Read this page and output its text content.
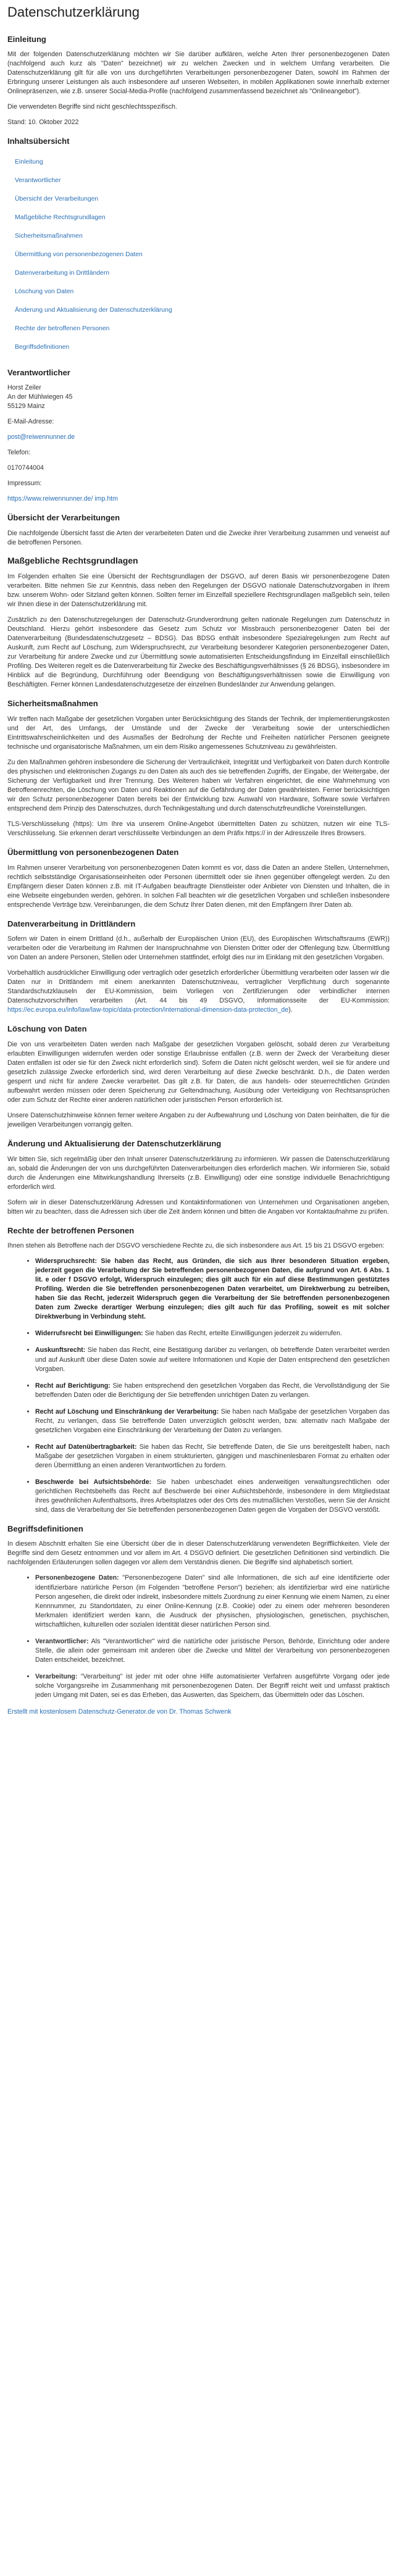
Datenschutzerklärung
Einleitung

Mit der folgenden Datenschutzerklärung möchten wir Sie darüber aufklären, welche Arten Ihrer personenbezogenen Daten (nachfolgend auch kurz als "Daten" bezeichnet) wir zu welchen Zwecken und in welchem Umfang verarbeiten. Die Datenschutzerklärung gilt für alle von uns durchgeführten Verarbeitungen personenbezogener Daten, sowohl im Rahmen der Erbringung unserer Leistungen als auch insbesondere auf unseren Webseiten, in mobilen Applikationen sowie innerhalb externer Onlinepräsenzen, wie z.B. unserer Social-Media-Profile (nachfolgend zusammenfassend bezeichnet als "Onlineangebot").

Die verwendeten Begriffe sind nicht geschlechtsspezifisch.

Stand: 10. Oktober 2022

Inhaltsübersicht
Einleitung
Verantwortlicher
Übersicht der Verarbeitungen
Maßgebliche Rechtsgrundlagen
Sicherheitsmaßnahmen
Übermittlung von personenbezogenen Daten
Datenverarbeitung in Drittländern
Löschung von Daten
Änderung und Aktualisierung der Datenschutzerklärung
Rechte der betroffenen Personen
Begriffsdefinitionen
Verantwortlicher

Horst Zeiler

An der Mühlwiegen 45

55129 Mainz

E-Mail-Adresse:

post@reiwennunner.de

Telefon:

0170744004

Impressum:

https://www.reiwennunner.de/ imp.htm

Übersicht der Verarbeitungen

Die nachfolgende Übersicht fasst die Arten der verarbeiteten Daten und die Zwecke ihrer Verarbeitung zusammen und verweist auf die betroffenen Personen.

Maßgebliche Rechtsgrundlagen

Im Folgenden erhalten Sie eine Übersicht der Rechtsgrundlagen der DSGVO, auf deren Basis wir personenbezogene Daten verarbeiten. Bitte nehmen Sie zur Kenntnis, dass neben den Regelungen der DSGVO nationale Datenschutzvorgaben in Ihrem bzw. unserem Wohn- oder Sitzland gelten können. Sollten ferner im Einzelfall speziellere Rechtsgrundlagen maßgeblich sein, teilen wir Ihnen diese in der Datenschutzerklärung mit.

Zusätzlich zu den Datenschutzregelungen der Datenschutz-Grundverordnung gelten nationale Regelungen zum Datenschutz in Deutschland. Hierzu gehört insbesondere das Gesetz zum Schutz vor Missbrauch personenbezogener Daten bei der Datenverarbeitung (Bundesdatenschutzgesetz – BDSG). Das BDSG enthält insbesondere Spezialregelungen zum Recht auf Auskunft, zum Recht auf Löschung, zum Widerspruchsrecht, zur Verarbeitung besonderer Kategorien personenbezogener Daten, zur Verarbeitung für andere Zwecke und zur Übermittlung sowie automatisierten Entscheidungsfindung im Einzelfall einschließlich Profiling. Des Weiteren regelt es die Datenverarbeitung für Zwecke des Beschäftigungsverhältnisses (§ 26 BDSG), insbesondere im Hinblick auf die Begründung, Durchführung oder Beendigung von Beschäftigungsverhältnissen sowie die Einwilligung von Beschäftigten. Ferner können Landesdatenschutzgesetze der einzelnen Bundesländer zur Anwendung gelangen.

Sicherheitsmaßnahmen

Wir treffen nach Maßgabe der gesetzlichen Vorgaben unter Berücksichtigung des Stands der Technik, der Implementierungskosten und der Art, des Umfangs, der Umstände und der Zwecke der Verarbeitung sowie der unterschiedlichen Eintrittswahrscheinlichkeiten und des Ausmaßes der Bedrohung der Rechte und Freiheiten natürlicher Personen geeignete technische und organisatorische Maßnahmen, um ein dem Risiko angemessenes Schutzniveau zu gewährleisten.

Zu den Maßnahmen gehören insbesondere die Sicherung der Vertraulichkeit, Integrität und Verfügbarkeit von Daten durch Kontrolle des physischen und elektronischen Zugangs zu den Daten als auch des sie betreffenden Zugriffs, der Eingabe, der Weitergabe, der Sicherung der Verfügbarkeit und ihrer Trennung. Des Weiteren haben wir Verfahren eingerichtet, die eine Wahrnehmung von Betroffenenrechten, die Löschung von Daten und Reaktionen auf die Gefährdung der Daten gewährleisten. Ferner berücksichtigen wir den Schutz personenbezogener Daten bereits bei der Entwicklung bzw. Auswahl von Hardware, Software sowie Verfahren entsprechend dem Prinzip des Datenschutzes, durch Technikgestaltung und durch datenschutzfreundliche Voreinstellungen.

TLS-Verschlüsselung (https): Um Ihre via unserem Online-Angebot übermittelten Daten zu schützen, nutzen wir eine TLS-Verschlüsselung. Sie erkennen derart verschlüsselte Verbindungen an dem Präfix https:// in der Adresszeile Ihres Browsers.

Übermittlung von personenbezogenen Daten

Im Rahmen unserer Verarbeitung von personenbezogenen Daten kommt es vor, dass die Daten an andere Stellen, Unternehmen, rechtlich selbstständige Organisationseinheiten oder Personen übermittelt oder sie ihnen gegenüber offengelegt werden. Zu den Empfängern dieser Daten können z.B. mit IT-Aufgaben beauftragte Dienstleister oder Anbieter von Diensten und Inhalten, die in eine Webseite eingebunden werden, gehören. In solchen Fall beachten wir die gesetzlichen Vorgaben und schließen insbesondere entsprechende Verträge bzw. Vereinbarungen, die dem Schutz Ihrer Daten dienen, mit den Empfängern Ihrer Daten ab.

Datenverarbeitung in Drittländern

Sofern wir Daten in einem Drittland (d.h., außerhalb der Europäischen Union (EU), des Europäischen Wirtschaftsraums (EWR)) verarbeiten oder die Verarbeitung im Rahmen der Inanspruchnahme von Diensten Dritter oder der Offenlegung bzw. Übermittlung von Daten an andere Personen, Stellen oder Unternehmen stattfindet, erfolgt dies nur im Einklang mit den gesetzlichen Vorgaben.

Vorbehaltlich ausdrücklicher Einwilligung oder vertraglich oder gesetzlich erforderlicher Übermittlung verarbeiten oder lassen wir die Daten nur in Drittländern mit einem anerkannten Datenschutzniveau, vertraglicher Verpflichtung durch sogenannte Standardschutzklauseln der EU-Kommission, beim Vorliegen von Zertifizierungen oder verbindlicher internen Datenschutzvorschriften verarbeiten (Art. 44 bis 49 DSGVO, Informationsseite der EU-Kommission: https://ec.europa.eu/info/law/law-topic/data-protection/international-dimension-data-protection_de).

Löschung von Daten

Die von uns verarbeiteten Daten werden nach Maßgabe der gesetzlichen Vorgaben gelöscht, sobald deren zur Verarbeitung erlaubten Einwilligungen widerrufen werden oder sonstige Erlaubnisse entfallen (z.B. wenn der Zweck der Verarbeitung dieser Daten entfallen ist oder sie für den Zweck nicht erforderlich sind). Sofern die Daten nicht gelöscht werden, weil sie für andere und gesetzlich zulässige Zwecke erforderlich sind, wird deren Verarbeitung auf diese Zwecke beschränkt. D.h., die Daten werden gesperrt und nicht für andere Zwecke verarbeitet. Das gilt z.B. für Daten, die aus handels- oder steuerrechtlichen Gründen aufbewahrt werden müssen oder deren Speicherung zur Geltendmachung, Ausübung oder Verteidigung von Rechtsansprüchen oder zum Schutz der Rechte einer anderen natürlichen oder juristischen Person erforderlich ist.

Unsere Datenschutzhinweise können ferner weitere Angaben zu der Aufbewahrung und Löschung von Daten beinhalten, die für die jeweiligen Verarbeitungen vorrangig gelten.

Änderung und Aktualisierung der Datenschutzerklärung

Wir bitten Sie, sich regelmäßig über den Inhalt unserer Datenschutzerklärung zu informieren. Wir passen die Datenschutzerklärung an, sobald die Änderungen der von uns durchgeführten Datenverarbeitungen dies erforderlich machen. Wir informieren Sie, sobald durch die Änderungen eine Mitwirkungshandlung Ihrerseits (z.B. Einwilligung) oder eine sonstige individuelle Benachrichtigung erforderlich wird.

Sofern wir in dieser Datenschutzerklärung Adressen und Kontaktinformationen von Unternehmen und Organisationen angeben, bitten wir zu beachten, dass die Adressen sich über die Zeit ändern können und bitten die Angaben vor Kontaktaufnahme zu prüfen.

Rechte der betroffenen Personen

Ihnen stehen als Betroffene nach der DSGVO verschiedene Rechte zu, die sich insbesondere aus Art. 15 bis 21 DSGVO ergeben:

• Widerspruchsrecht: Sie haben das Recht, aus Gründen, die sich aus Ihrer besonderen Situation ergeben, jederzeit gegen die Verarbeitung der Sie betreffenden personenbezogenen Daten, die aufgrund von Art. 6 Abs. 1 lit. e oder f DSGVO erfolgt, Widerspruch einzulegen; dies gilt auch für ein auf diese Bestimmungen gestütztes Profiling. Werden die Sie betreffenden personenbezogenen Daten verarbeitet, um Direktwerbung zu betreiben, haben Sie das Recht, jederzeit Widerspruch gegen die Verarbeitung der Sie betreffenden personenbezogenen Daten zum Zwecke derartiger Werbung einzulegen; dies gilt auch für das Profiling, soweit es mit solcher Direktwerbung in Verbindung steht.
• Widerrufsrecht bei Einwilligungen: Sie haben das Recht, erteilte Einwilligungen jederzeit zu widerrufen.
• Auskunftsrecht: Sie haben das Recht, eine Bestätigung darüber zu verlangen, ob betreffende Daten verarbeitet werden und auf Auskunft über diese Daten sowie auf weitere Informationen und Kopie der Daten entsprechend den gesetzlichen Vorgaben.
• Recht auf Berichtigung: Sie haben entsprechend den gesetzlichen Vorgaben das Recht, die Vervollständigung der Sie betreffenden Daten oder die Berichtigung der Sie betreffenden unrichtigen Daten zu verlangen.
• Recht auf Löschung und Einschränkung der Verarbeitung: Sie haben nach Maßgabe der gesetzlichen Vorgaben das Recht, zu verlangen, dass Sie betreffende Daten unverzüglich gelöscht werden, bzw. alternativ nach Maßgabe der gesetzlichen Vorgaben eine Einschränkung der Verarbeitung der Daten zu verlangen.
• Recht auf Datenübertragbarkeit: Sie haben das Recht, Sie betreffende Daten, die Sie uns bereitgestellt haben, nach Maßgabe der gesetzlichen Vorgaben in einem strukturierten, gängigen und maschinenlesbaren Format zu erhalten oder deren Übermittlung an einen anderen Verantwortlichen zu fordern.
• Beschwerde bei Aufsichtsbehörde: Sie haben unbeschadet eines anderweitigen verwaltungsrechtlichen oder gerichtlichen Rechtsbehelfs das Recht auf Beschwerde bei einer Aufsichtsbehörde, insbesondere in dem Mitgliedstaat ihres gewöhnlichen Aufenthaltsorts, ihres Arbeitsplatzes oder des Orts des mutmaßlichen Verstoßes, wenn Sie der Ansicht sind, dass die Verarbeitung der Sie betreffenden personenbezogenen Daten gegen die Vorgaben der DSGVO verstößt.
Begriffsdefinitionen

In diesem Abschnitt erhalten Sie eine Übersicht über die in dieser Datenschutzerklärung verwendeten Begrifflichkeiten. Viele der Begriffe sind dem Gesetz entnommen und vor allem im Art. 4 DSGVO definiert. Die gesetzlichen Definitionen sind verbindlich. Die nachfolgenden Erläuterungen sollen dagegen vor allem dem Verständnis dienen. Die Begriffe sind alphabetisch sortiert.

• Personenbezogene Daten: "Personenbezogene Daten" sind alle Informationen, die sich auf eine identifizierte oder identifizierbare natürliche Person (im Folgenden "betroffene Person") beziehen; als identifizierbar wird eine natürliche Person angesehen, die direkt oder indirekt, insbesondere mittels Zuordnung zu einer Kennung wie einem Namen, zu einer Kennnummer, zu Standortdaten, zu einer Online-Kennung (z.B. Cookie) oder zu einem oder mehreren besonderen Merkmalen identifiziert werden kann, die Ausdruck der physischen, physiologischen, genetischen, psychischen, wirtschaftlichen, kulturellen oder sozialen Identität dieser natürlichen Person sind.
• Verantwortlicher: Als "Verantwortlicher" wird die natürliche oder juristische Person, Behörde, Einrichtung oder andere Stelle, die allein oder gemeinsam mit anderen über die Zwecke und Mittel der Verarbeitung von personenbezogenen Daten entscheidet, bezeichnet.
• Verarbeitung: "Verarbeitung" ist jeder mit oder ohne Hilfe automatisierter Verfahren ausgeführte Vorgang oder jede solche Vorgangsreihe im Zusammenhang mit personenbezogenen Daten. Der Begriff reicht weit und umfasst praktisch jeden Umgang mit Daten, sei es das Erheben, das Auswerten, das Speichern, das Übermitteln oder das Löschen.

Erstellt mit kostenlosem Datenschutz-Generator.de von Dr. Thomas Schwenk
